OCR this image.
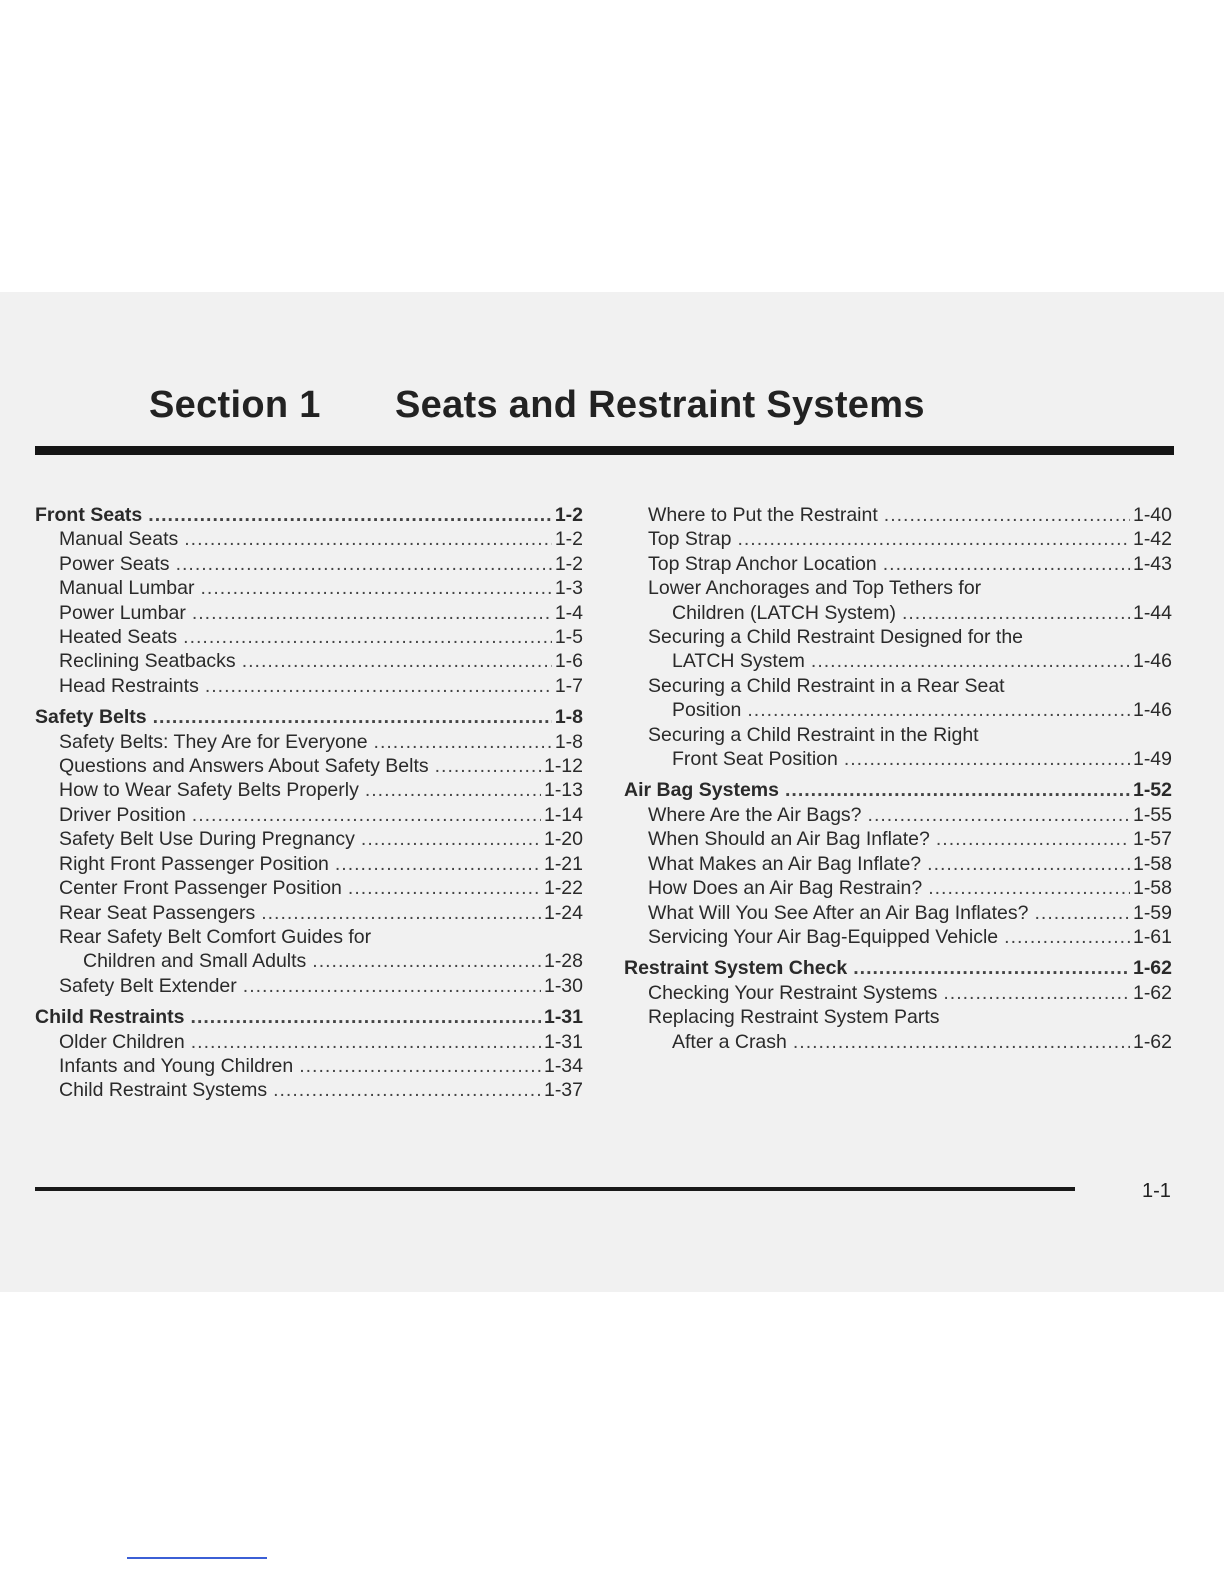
Section 1 Seats and Restraint Systems
Front Seats .....	1-2
Manual Seats .....	1-2
Power Seats .....	1-2
Manual Lumbar .....	1-3
Power Lumbar .....	1-4
Heated Seats .....	1-5
Reclining Seatbacks .....	1-6
Head Restraints .....	1-7
Safety Belts .....	1-8
Safety Belts: They Are for Everyone .....	1-8
Questions and Answers About Safety Belts .....	1-12
How to Wear Safety Belts Properly .....	1-13
Driver Position .....	1-14
Safety Belt Use During Pregnancy .....	1-20
Right Front Passenger Position .....	1-21
Center Front Passenger Position .....	1-22
Rear Seat Passengers .....	1-24
Rear Safety Belt Comfort Guides for
Children and Small Adults .....	1-28
Safety Belt Extender .....	1-30
Child Restraints .....	1-31
Older Children .....	1-31
Infants and Young Children .....	1-34
Child Restraint Systems .....	1-37
Where to Put the Restraint .....	1-40
Top Strap .....	1-42
Top Strap Anchor Location .....	1-43
Lower Anchorages and Top Tethers for
Children (LATCH System) .....	1-44
Securing a Child Restraint Designed for the
LATCH System .....	1-46
Securing a Child Restraint in a Rear Seat
Position .....	1-46
Securing a Child Restraint in the Right
Front Seat Position .....	1-49
Air Bag Systems .....	1-52
Where Are the Air Bags? .....	1-55
When Should an Air Bag Inflate? .....	1-57
What Makes an Air Bag Inflate? .....	1-58
How Does an Air Bag Restrain? .....	1-58
What Will You See After an Air Bag Inflates? .....	1-59
Servicing Your Air Bag-Equipped Vehicle .....	1-61
Restraint System Check .....	1-62
Checking Your Restraint Systems .....	1-62
Replacing Restraint System Parts
After a Crash .....	1-62
1-1
